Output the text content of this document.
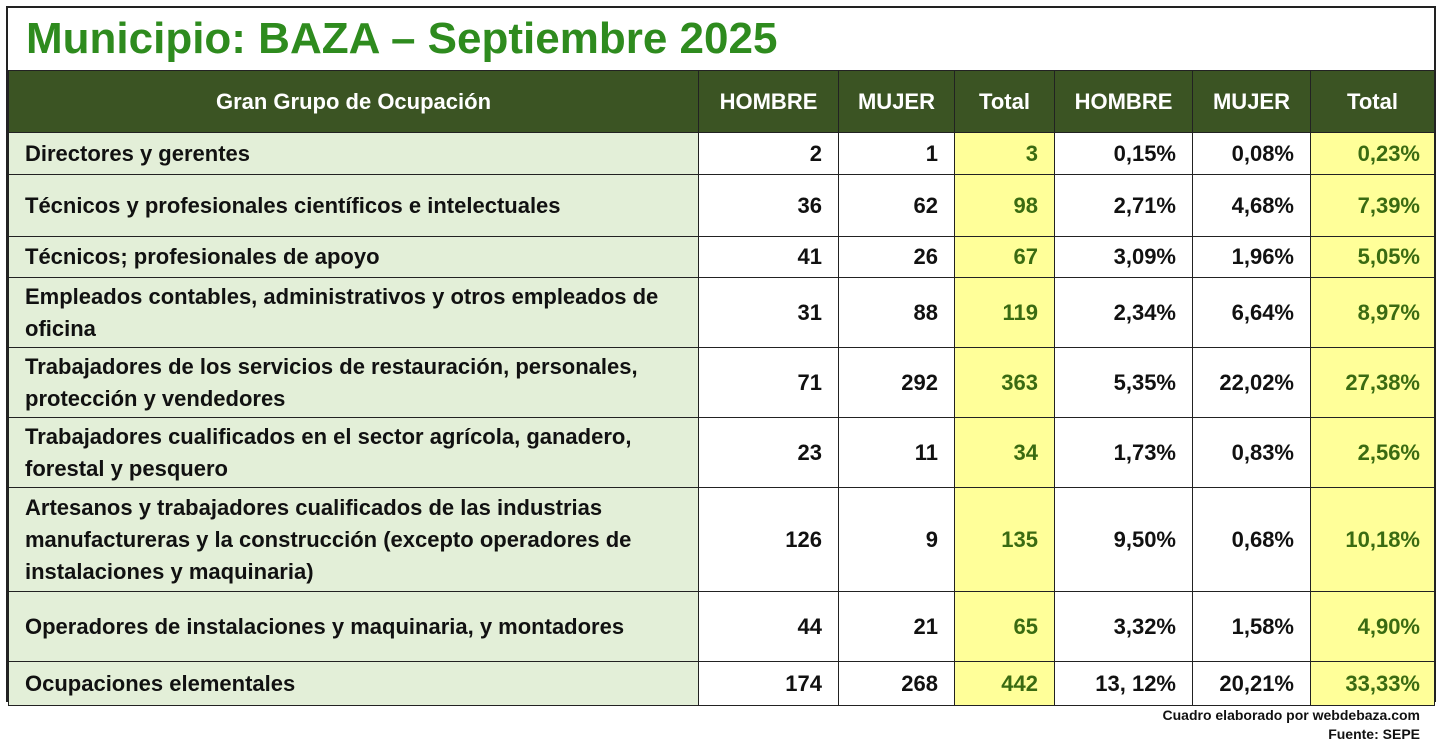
Municipio: BAZA – Septiembre 2025
Gran Grupo de Ocupación	HOMBRE	MUJER	Total	HOMBRE	MUJER	Total
Directores y gerentes	2	1	3	0,15%	0,08%	0,23%
Técnicos y profesionales científicos e intelectuales	36	62	98	2,71%	4,68%	7,39%
Técnicos; profesionales de apoyo	41	26	67	3,09%	1,96%	5,05%
Empleados contables, administrativos y otros empleados de oficina	31	88	119	2,34%	6,64%	8,97%
Trabajadores de los servicios de restauración, personales, protección y vendedores	71	292	363	5,35%	22,02%	27,38%
Trabajadores cualificados en el sector agrícola, ganadero, forestal y pesquero	23	11	34	1,73%	0,83%	2,56%
Artesanos y trabajadores cualificados de las industrias manufactureras y la construcción (excepto operadores de instalaciones y maquinaria)	126	9	135	9,50%	0,68%	10,18%
Operadores de instalaciones y maquinaria, y montadores	44	21	65	3,32%	1,58%	4,90%
Ocupaciones elementales	174	268	442	13, 12%	20,21%	33,33%
Cuadro elaborado por webdebaza.com
Fuente: SEPE
